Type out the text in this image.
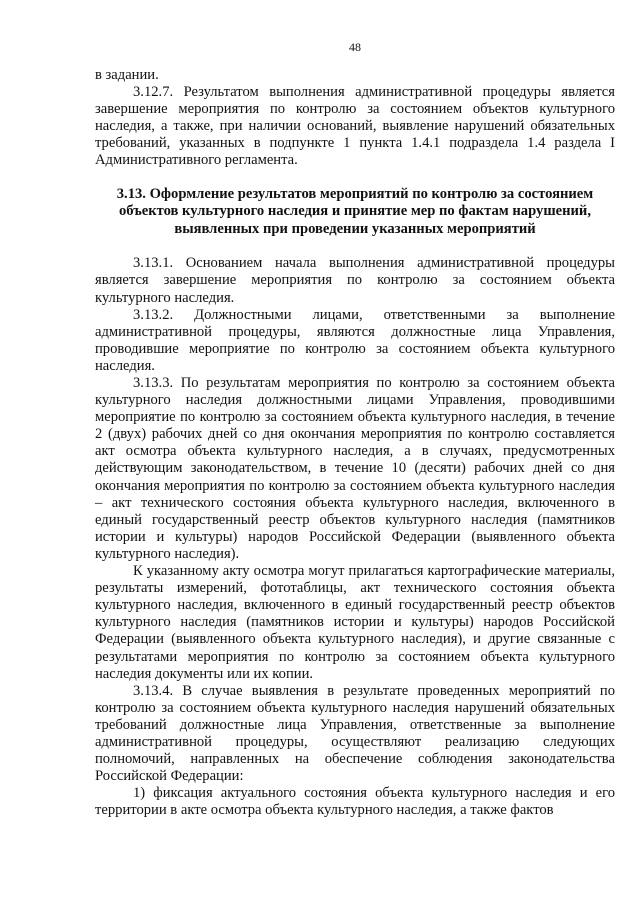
48

в задании.

3.12.7. Результатом выполнения административной процедуры является завершение мероприятия по контролю за состоянием объектов культурного наследия, а также, при наличии оснований, выявление нарушений обязательных требований, указанных в подпункте 1 пункта 1.4.1 подраздела 1.4 раздела I Административного регламента.

3.13. Оформление результатов мероприятий по контролю за состоянием объектов культурного наследия и принятие мер по фактам нарушений, выявленных при проведении указанных мероприятий

3.13.1. Основанием начала выполнения административной процедуры является завершение мероприятия по контролю за состоянием объекта культурного наследия.

3.13.2. Должностными лицами, ответственными за выполнение административной процедуры, являются должностные лица Управления, проводившие мероприятие по контролю за состоянием объекта культурного наследия.

3.13.3. По результатам мероприятия по контролю за состоянием объекта культурного наследия должностными лицами Управления, проводившими мероприятие по контролю за состоянием объекта культурного наследия, в течение 2 (двух) рабочих дней со дня окончания мероприятия по контролю составляется акт осмотра объекта культурного наследия, а в случаях, предусмотренных действующим законодательством, в течение 10 (десяти) рабочих дней со дня окончания мероприятия по контролю за состоянием объекта культурного наследия – акт технического состояния объекта культурного наследия, включенного в единый государственный реестр объектов культурного наследия (памятников истории и культуры) народов Российской Федерации (выявленного объекта культурного наследия).

К указанному акту осмотра могут прилагаться картографические материалы, результаты измерений, фототаблицы, акт технического состояния объекта культурного наследия, включенного в единый государственный реестр объектов культурного наследия (памятников истории и культуры) народов Российской Федерации (выявленного объекта культурного наследия), и другие связанные с результатами мероприятия по контролю за состоянием объекта культурного наследия документы или их копии.

3.13.4. В случае выявления в результате проведенных мероприятий по контролю за состоянием объекта культурного наследия нарушений обязательных требований должностные лица Управления, ответственные за выполнение административной процедуры, осуществляют реализацию следующих полномочий, направленных на обеспечение соблюдения законодательства Российской Федерации:

1) фиксация актуального состояния объекта культурного наследия и его территории в акте осмотра объекта культурного наследия, а также фактов
